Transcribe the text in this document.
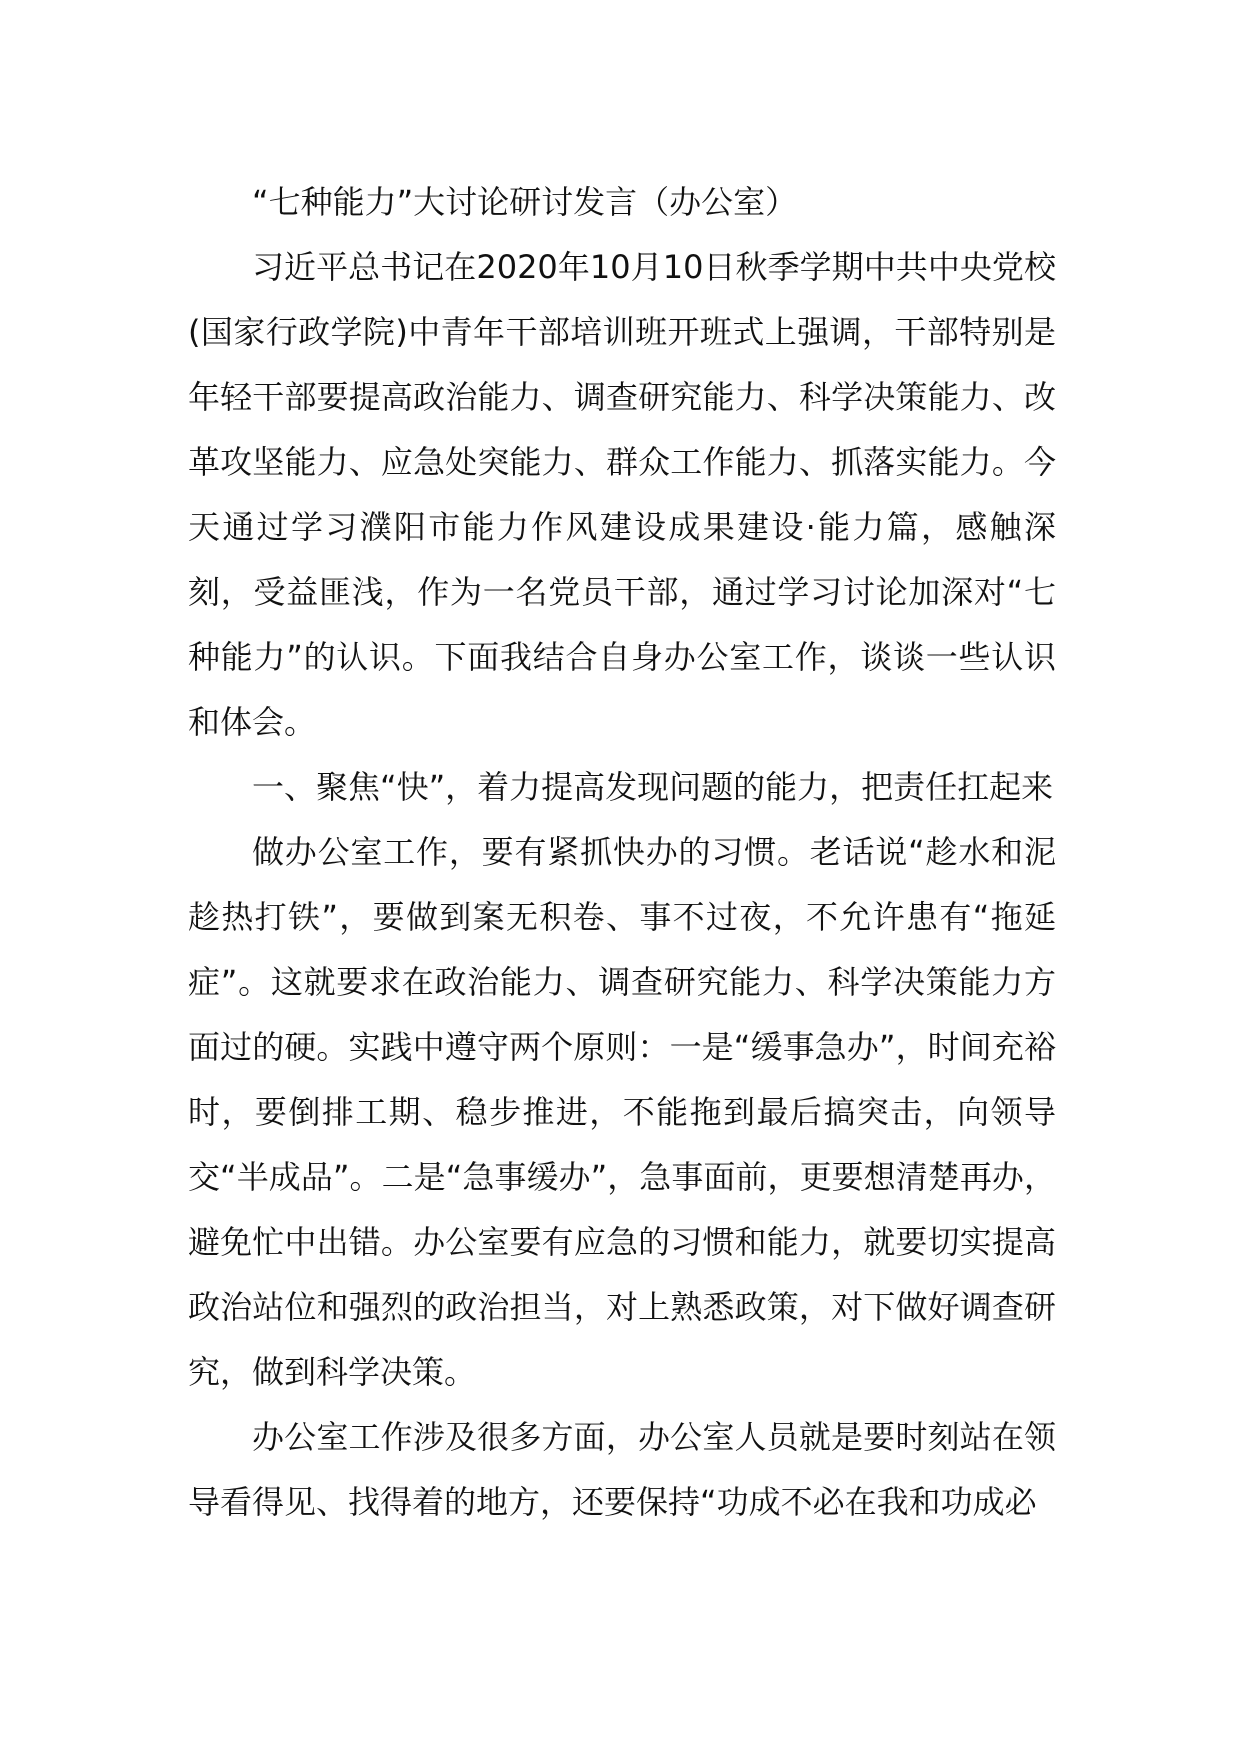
“七种能力”大讨论研讨发言（办公室）

习近平总书记在2020年10月10日秋季学期中共中央党校(国家行政学院)中青年干部培训班开班式上强调，干部特别是年轻干部要提高政治能力、调查研究能力、科学决策能力、改革攻坚能力、应急处突能力、群众工作能力、抓落实能力。今天通过学习濮阳市能力作风建设成果建设·能力篇，感触深刻，受益匪浅，作为一名党员干部，通过学习讨论加深对“七种能力”的认识。下面我结合自身办公室工作，谈谈一些认识和体会。

一、聚焦“快”，着力提高发现问题的能力，把责任扛起来

做办公室工作，要有紧抓快办的习惯。老话说“趁水和泥趁热打铁”，要做到案无积卷、事不过夜，不允许患有“拖延症”。这就要求在政治能力、调查研究能力、科学决策能力方面过的硬。实践中遵守两个原则：一是“缓事急办”，时间充裕时，要倒排工期、稳步推进，不能拖到最后搞突击，向领导交“半成品”。二是“急事缓办”，急事面前，更要想清楚再办，避免忙中出错。办公室要有应急的习惯和能力，就要切实提高政治站位和强烈的政治担当，对上熟悉政策，对下做好调查研究，做到科学决策。

办公室工作涉及很多方面，办公室人员就是要时刻站在领导看得见、找得着的地方，还要保持“功成不必在我和功成必
